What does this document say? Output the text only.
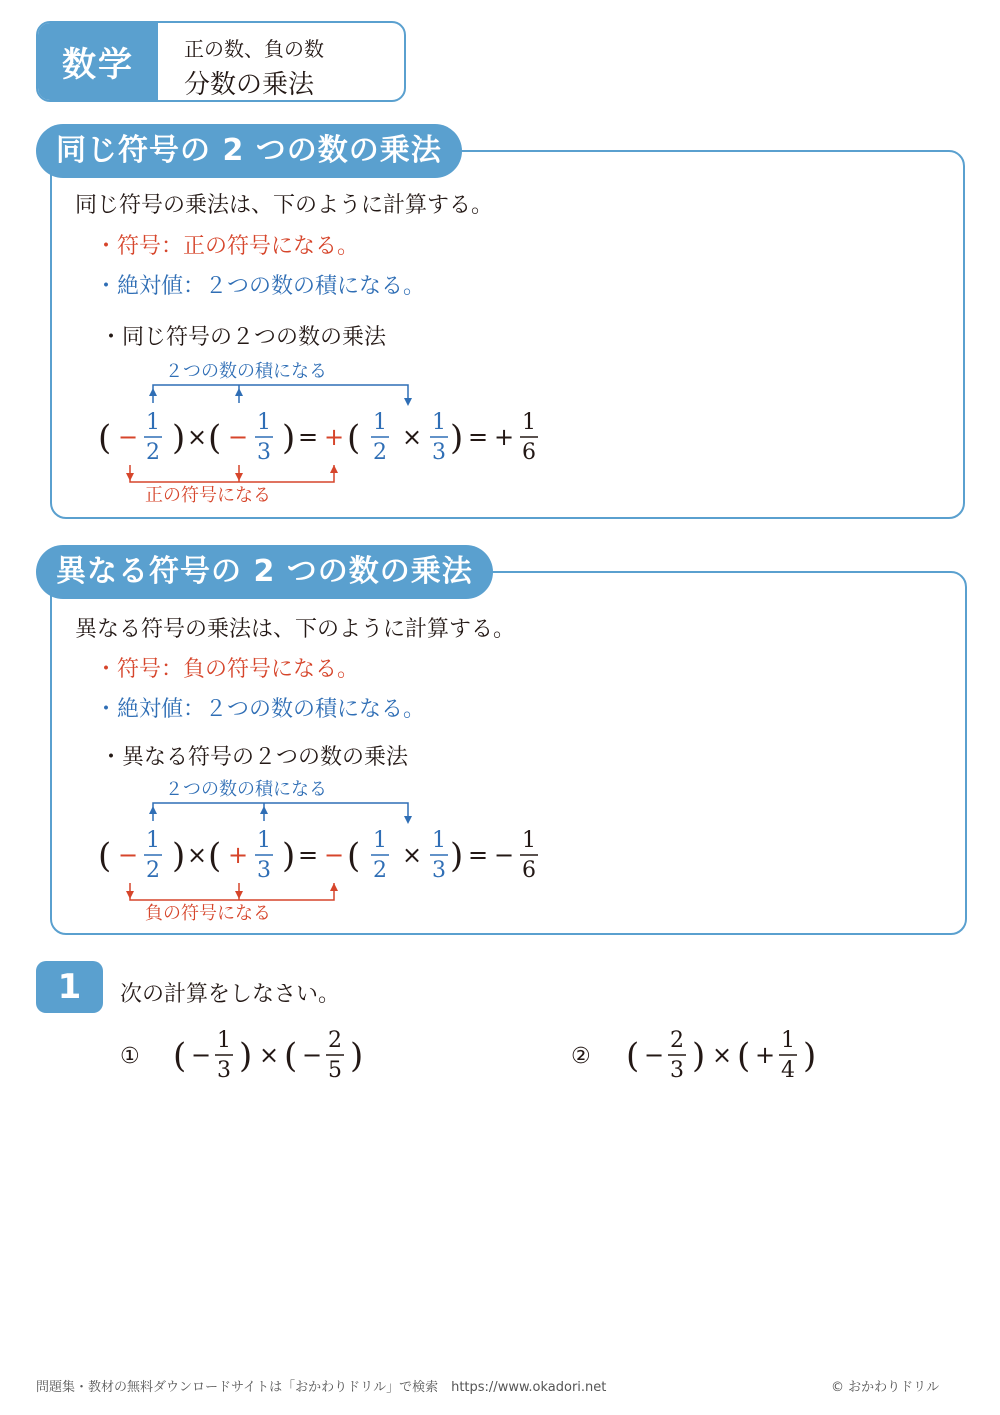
数学	正の数、負の数
分数の乗法
同じ符号の 2 つの数の乗法
同じ符号の乗法は、下のように計算する。
・符号：正の符号になる。
・絶対値：２つの数の積になる。
・同じ符号の２つの数の乗法
２つの数の積になる
( ) ( ) (	)
×	=	× = +
−	−	+
1
2
1
3
1
2
1
3
1
6
正の符号になる
異なる符号の 2 つの数の乗法
異なる符号の乗法は、下のように計算する。
・符号：負の符号になる。
・絶対値：２つの数の積になる。
・異なる符号の２つの数の乗法
２つの数の積になる
( ) ( ) (	)
×	=	× = −
−	+	−
1
2
1
3
1
2
1
3
1
6
負の符号になる
1	次の計算をしなさい。
① ( ) ( )
− × −
1
3
2
5
② ( ) ( )
− × +
2
3
1
4
問題集・教材の無料ダウンロードサイトは「おかわりドリル」で検索　https://www.okadori.net	© おかわりドリル
